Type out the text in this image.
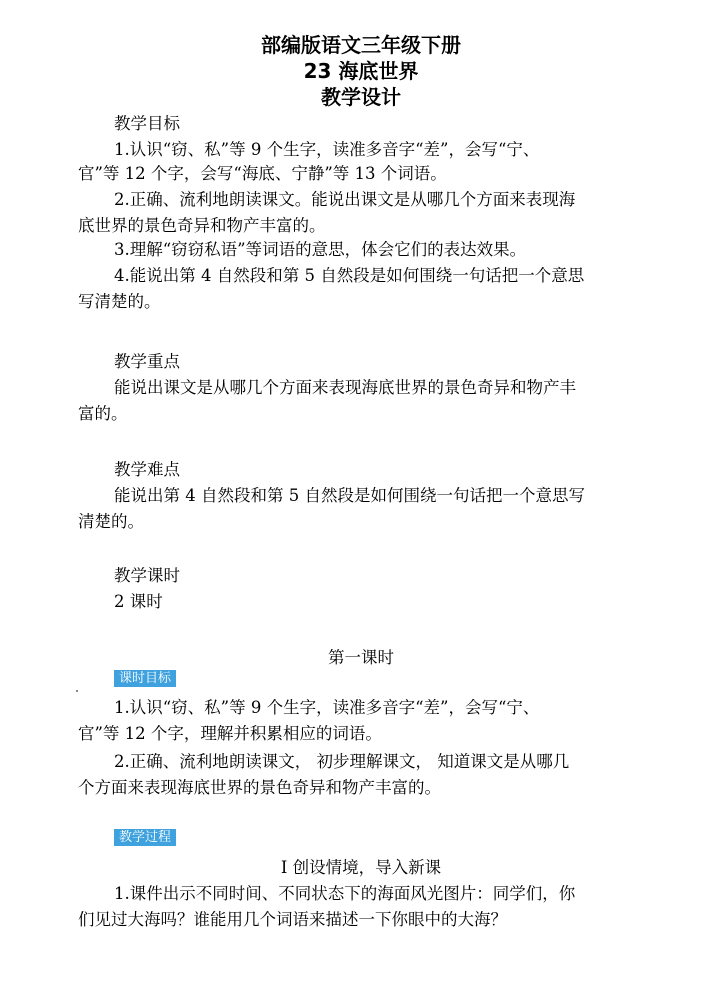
部编版语文三年级下册
23 海底世界
教学设计

教学目标

1.认识“窃、私”等 9 个生字，读准多音字“差”，会写“宁、

官”等 12 个字，会写“海底、宁静”等 13 个词语。

2.正确、流利地朗读课文。能说出课文是从哪几个方面来表现海

底世界的景色奇异和物产丰富的。

3.理解“窃窃私语”等词语的意思，体会它们的表达效果。

4.能说出第 4 自然段和第 5 自然段是如何围绕一句话把一个意思

写清楚的。

教学重点

能说出课文是从哪几个方面来表现海底世界的景色奇异和物产丰

富的。

教学难点

能说出第 4 自然段和第 5 自然段是如何围绕一句话把一个意思写

清楚的。

教学课时

2 课时

第一课时

课时目标

1.认识“窃、私”等 9 个生字，读准多音字“差”，会写“宁、

官”等 12 个字，理解并积累相应的词语。

2.正确、流利地朗读课文， 初步理解课文， 知道课文是从哪几

个方面来表现海底世界的景色奇异和物产丰富的。

教学过程

Ⅰ 创设情境，导入新课

1.课件出示不同时间、不同状态下的海面风光图片：同学们，你

们见过大海吗？谁能用几个词语来描述一下你眼中的大海？
